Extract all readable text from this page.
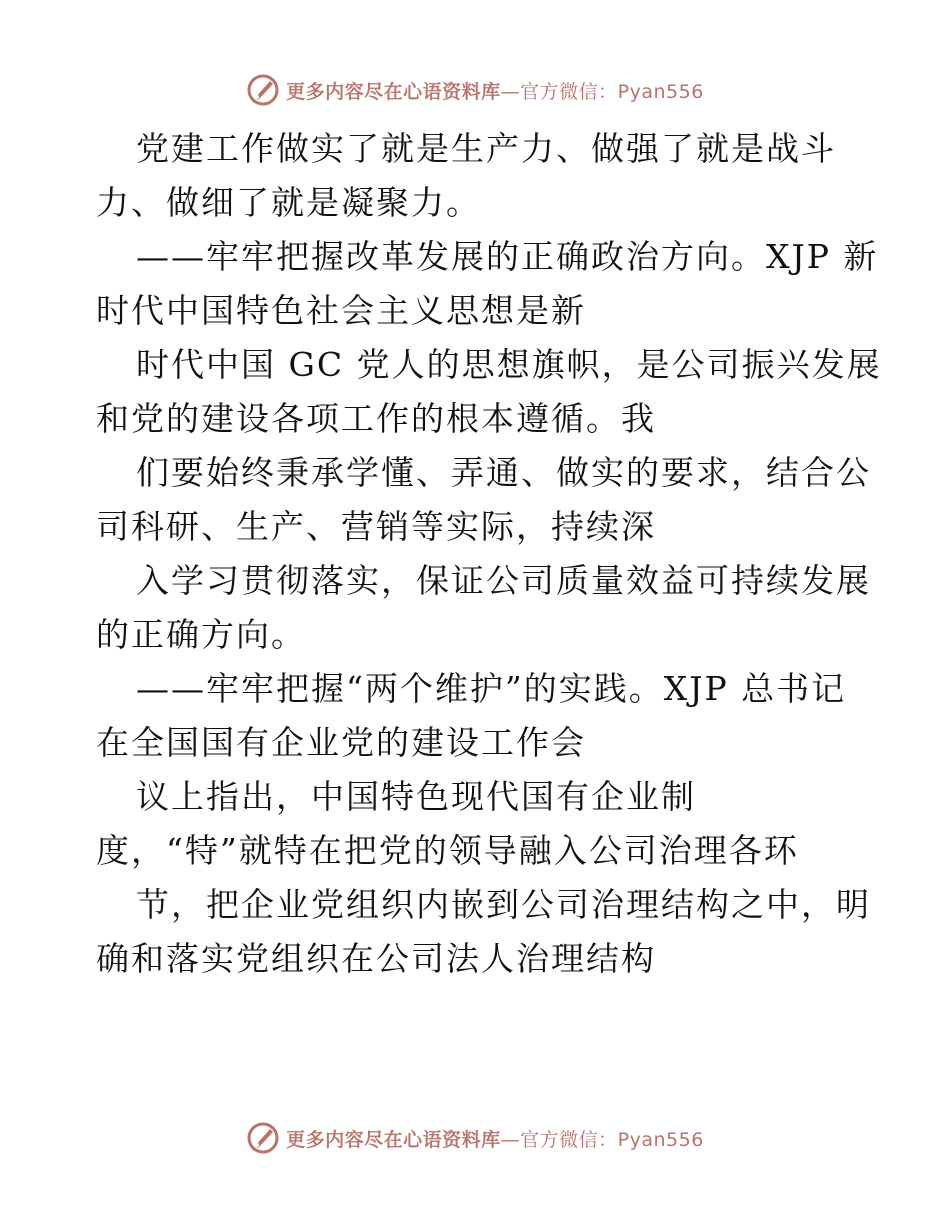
更多内容尽在心语资料库—官方微信：Pyan556
党建工作做实了就是生产力、做强了就是战斗
力、做细了就是凝聚力。
——牢牢把握改革发展的正确政治方向。XJP 新
时代中国特色社会主义思想是新
时代中国 GC 党人的思想旗帜，是公司振兴发展
和党的建设各项工作的根本遵循。我
们要始终秉承学懂、弄通、做实的要求，结合公
司科研、生产、营销等实际，持续深
入学习贯彻落实，保证公司质量效益可持续发展
的正确方向。
——牢牢把握“两个维护”的实践。XJP 总书记
在全国国有企业党的建设工作会
议上指出，中国特色现代国有企业制
度，“特”就特在把党的领导融入公司治理各环
节，把企业党组织内嵌到公司治理结构之中，明
确和落实党组织在公司法人治理结构
更多内容尽在心语资料库—官方微信：Pyan556
